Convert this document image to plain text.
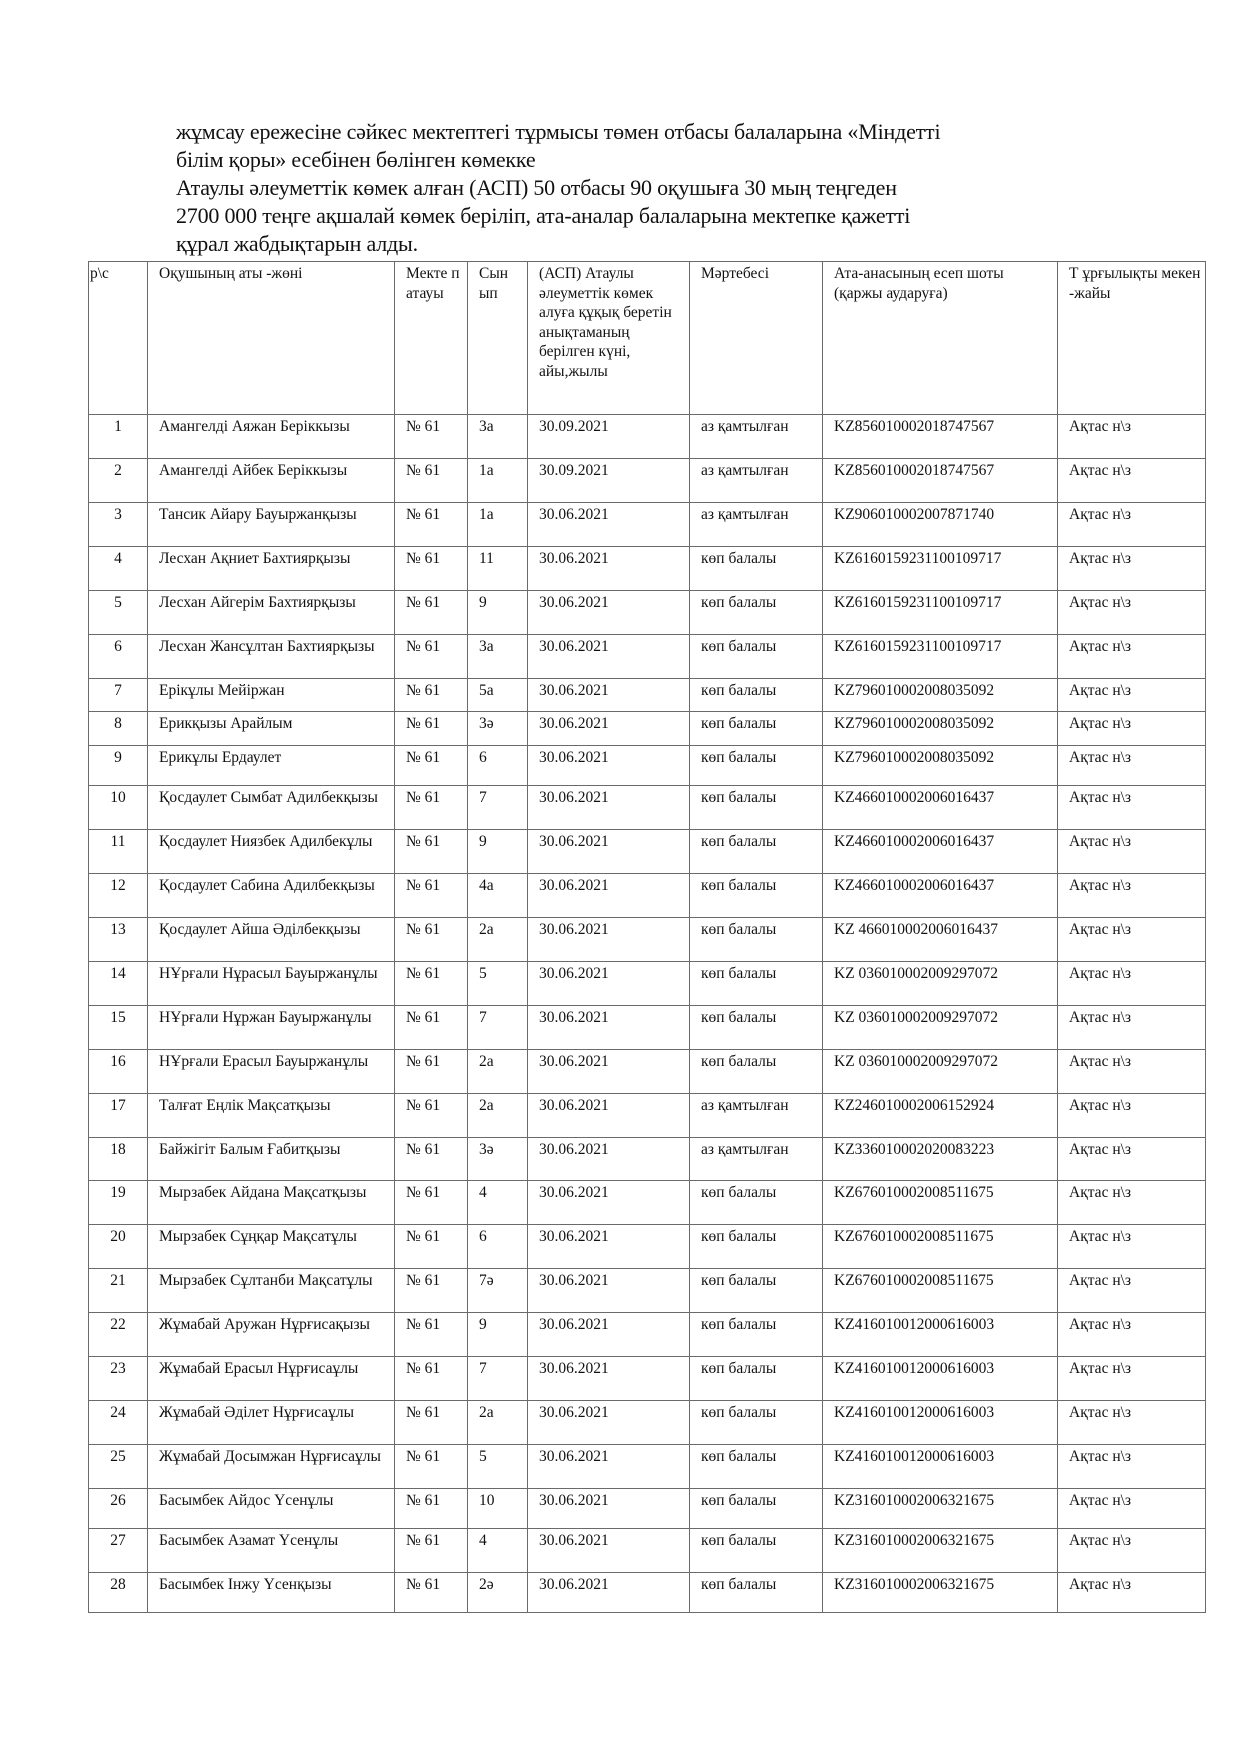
жұмсау ережесіне сәйкес мектептегі тұрмысы төмен отбасы балаларына «Міндетті

білім қоры» есебінен бөлінген көмекке

Атаулы әлеуметтік көмек алған (АСП) 50 отбасы 90 оқушыға 30 мың теңгеден

2700 000 теңге ақшалай көмек беріліп, ата-аналар балаларына мектепке қажетті

құрал жабдықтарын алды.

р\с	Оқушының аты -жөні	Мекте п атауы	Сын ып	(АСП) Атаулы әлеуметтік көмек алуға құқық беретін анықтаманың берілген күні, айы,жылы	Мәртебесі	Ата-анасының есеп шоты (қаржы аударуға)	Т ұрғылықты мекен -жайы
1	Амангелді Аяжан Беріккызы	№ 61	3а	30.09.2021	аз қамтылған	KZ856010002018747567	Ақтас н\з
2	Амангелді Айбек Беріккызы	№ 61	1а	30.09.2021	аз қамтылған	KZ856010002018747567	Ақтас н\з
3	Тансик Айару Бауыржанқызы	№ 61	1а	30.06.2021	аз қамтылған	KZ906010002007871740	Ақтас н\з
4	Лесхан Ақниет Бахтиярқызы	№ 61	11	30.06.2021	көп балалы	KZ6160159231100109717	Ақтас н\з
5	Лесхан Айгерім Бахтиярқызы	№ 61	9	30.06.2021	көп балалы	KZ6160159231100109717	Ақтас н\з
6	Лесхан Жансұлтан Бахтиярқызы	№ 61	3а	30.06.2021	көп балалы	KZ6160159231100109717	Ақтас н\з
7	Ерікұлы Мейіржан	№ 61	5а	30.06.2021	көп балалы	KZ796010002008035092	Ақтас н\з
8	Ерикқызы Арайлым	№ 61	3ә	30.06.2021	көп балалы	KZ796010002008035092	Ақтас н\з
9	Ерикұлы Ердаулет	№ 61	6	30.06.2021	көп балалы	KZ796010002008035092	Ақтас н\з
10	Қосдаулет Сымбат Адилбекқызы	№ 61	7	30.06.2021	көп балалы	KZ466010002006016437	Ақтас н\з
11	Қосдаулет Ниязбек Адилбекұлы	№ 61	9	30.06.2021	көп балалы	KZ466010002006016437	Ақтас н\з
12	Қосдаулет Сабина Адилбекқызы	№ 61	4а	30.06.2021	көп балалы	KZ466010002006016437	Ақтас н\з
13	Қосдаулет Айша Әділбекқызы	№ 61	2а	30.06.2021	көп балалы	KZ 466010002006016437	Ақтас н\з
14	НҰрғали Нұрасыл Бауыржанұлы	№ 61	5	30.06.2021	көп балалы	KZ 036010002009297072	Ақтас н\з
15	НҰрғали Нұржан Бауыржанұлы	№ 61	7	30.06.2021	көп балалы	KZ 036010002009297072	Ақтас н\з
16	НҰрғали Ерасыл Бауыржанұлы	№ 61	2а	30.06.2021	көп балалы	KZ 036010002009297072	Ақтас н\з
17	Талғат Еңлік Мақсатқызы	№ 61	2а	30.06.2021	аз қамтылған	KZ246010002006152924	Ақтас н\з
18	Байжігіт Балым Ғабитқызы	№ 61	3ә	30.06.2021	аз қамтылған	KZ336010002020083223	Ақтас н\з
19	Мырзабек Айдана Мақсатқызы	№ 61	4	30.06.2021	көп балалы	KZ676010002008511675	Ақтас н\з
20	Мырзабек Сұңқар Мақсатұлы	№ 61	6	30.06.2021	көп балалы	KZ676010002008511675	Ақтас н\з
21	Мырзабек Сұлтанби Мақсатұлы	№ 61	7ә	30.06.2021	көп балалы	KZ676010002008511675	Ақтас н\з
22	Жұмабай Аружан Нұрғисақызы	№ 61	9	30.06.2021	көп балалы	KZ416010012000616003	Ақтас н\з
23	Жұмабай Ерасыл Нұрғисаұлы	№ 61	7	30.06.2021	көп балалы	KZ416010012000616003	Ақтас н\з
24	Жұмабай Әділет Нұрғисаұлы	№ 61	2а	30.06.2021	көп балалы	KZ416010012000616003	Ақтас н\з
25	Жұмабай Досымжан Нұрғисаұлы	№ 61	5	30.06.2021	көп балалы	KZ416010012000616003	Ақтас н\з
26	Басымбек Айдос Үсенұлы	№ 61	10	30.06.2021	көп балалы	KZ316010002006321675	Ақтас н\з
27	Басымбек Азамат Үсенұлы	№ 61	4	30.06.2021	көп балалы	KZ316010002006321675	Ақтас н\з
28	Басымбек Інжу Үсенқызы	№ 61	2ә	30.06.2021	көп балалы	KZ316010002006321675	Ақтас н\з
